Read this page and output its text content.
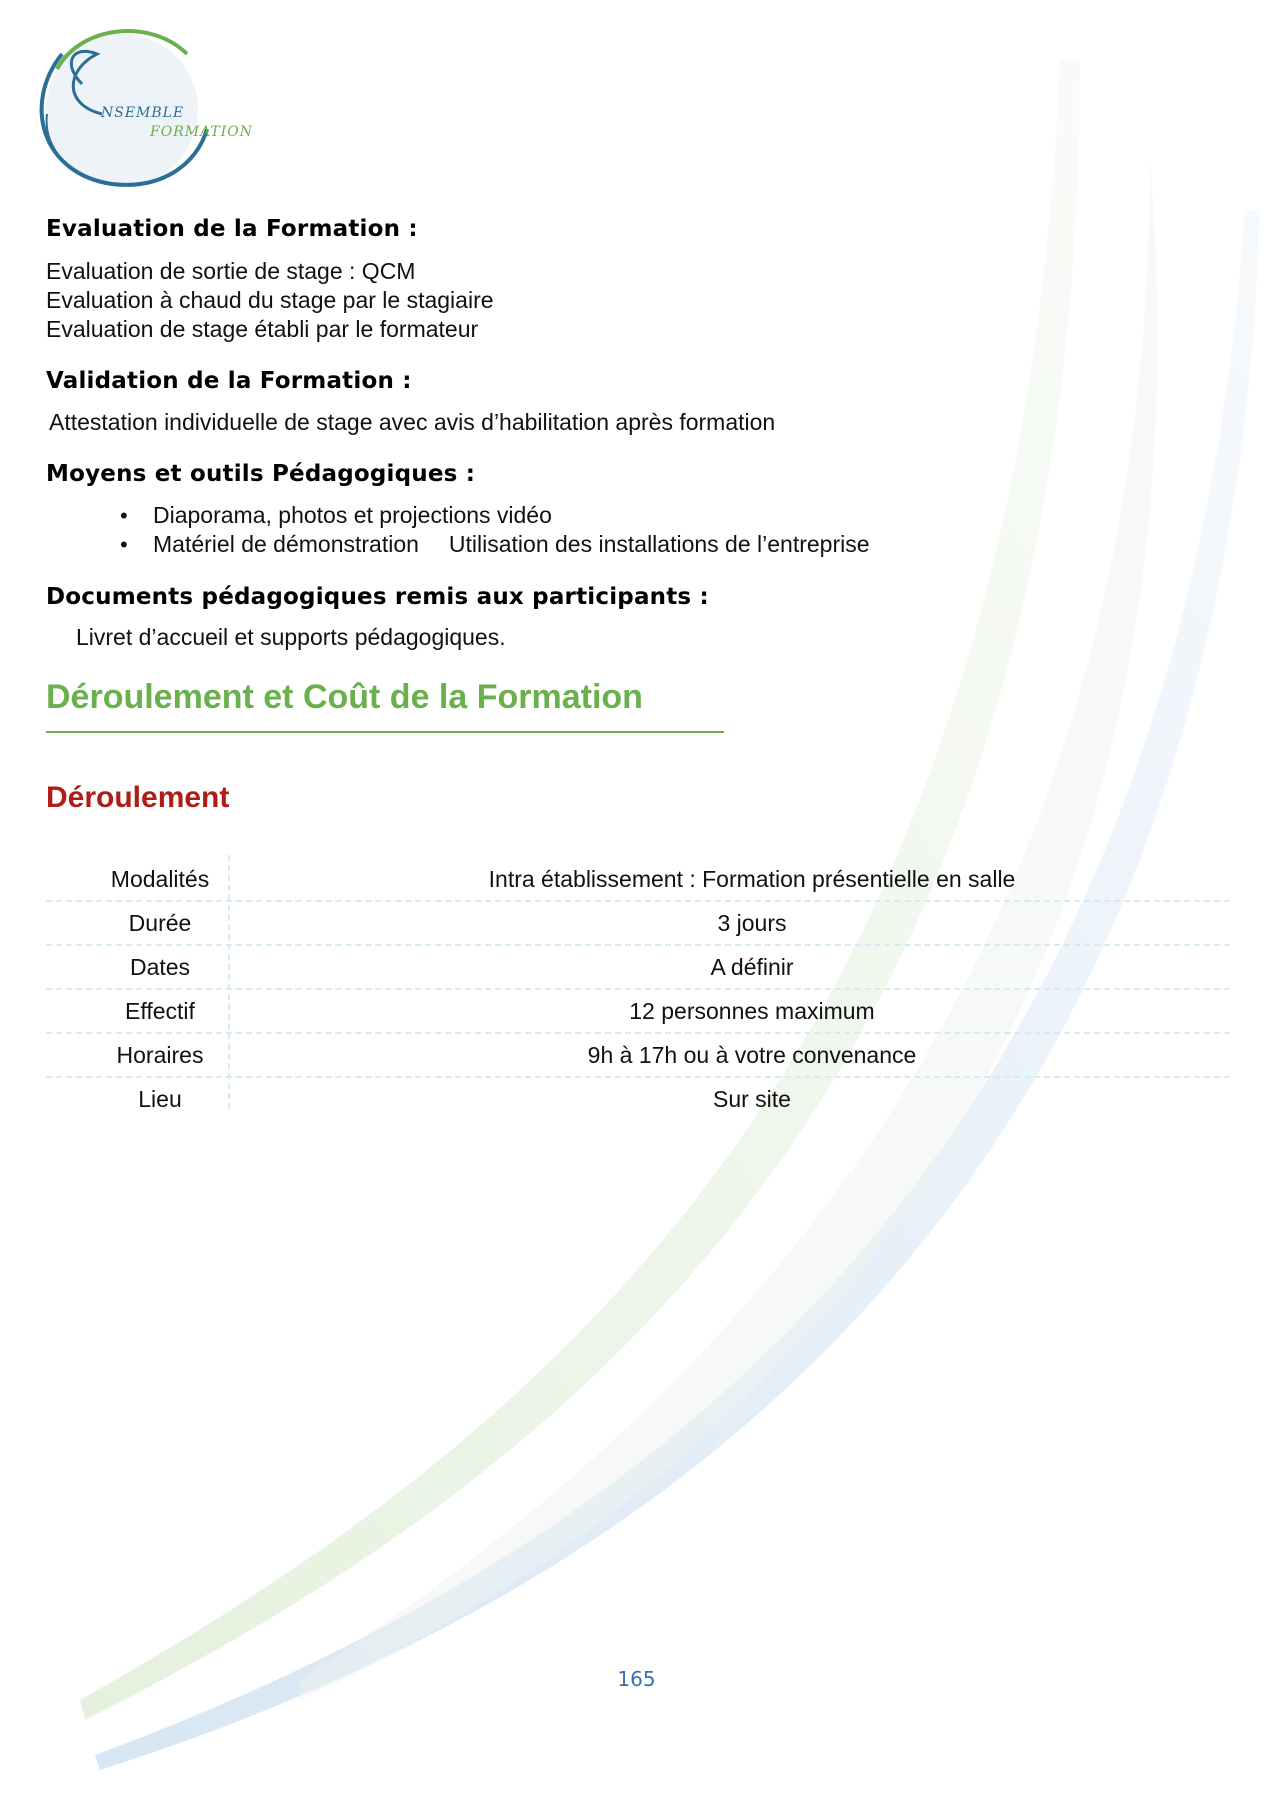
NSEMBLE
FORMATION
Evaluation de la Formation :
Evaluation de sortie de stage : QCM
Evaluation à chaud du stage par le stagiaire
Evaluation de stage établi par le formateur
Validation de la Formation :
Attestation individuelle de stage avec avis d’habilitation après formation
Moyens et outils Pédagogiques :
• Diaporama, photos et projections vidéo
• Matériel de démonstration Utilisation des installations de l’entreprise
Documents pédagogiques remis aux participants :
Livret d’accueil et supports pédagogiques.
Déroulement et Coût de la Formation
Déroulement
Modalités	Intra établissement : Formation présentielle en salle
Durée	3 jours
Dates	A définir
Effectif	12 personnes maximum
Horaires	9h à 17h ou à votre convenance
Lieu	Sur site
165
